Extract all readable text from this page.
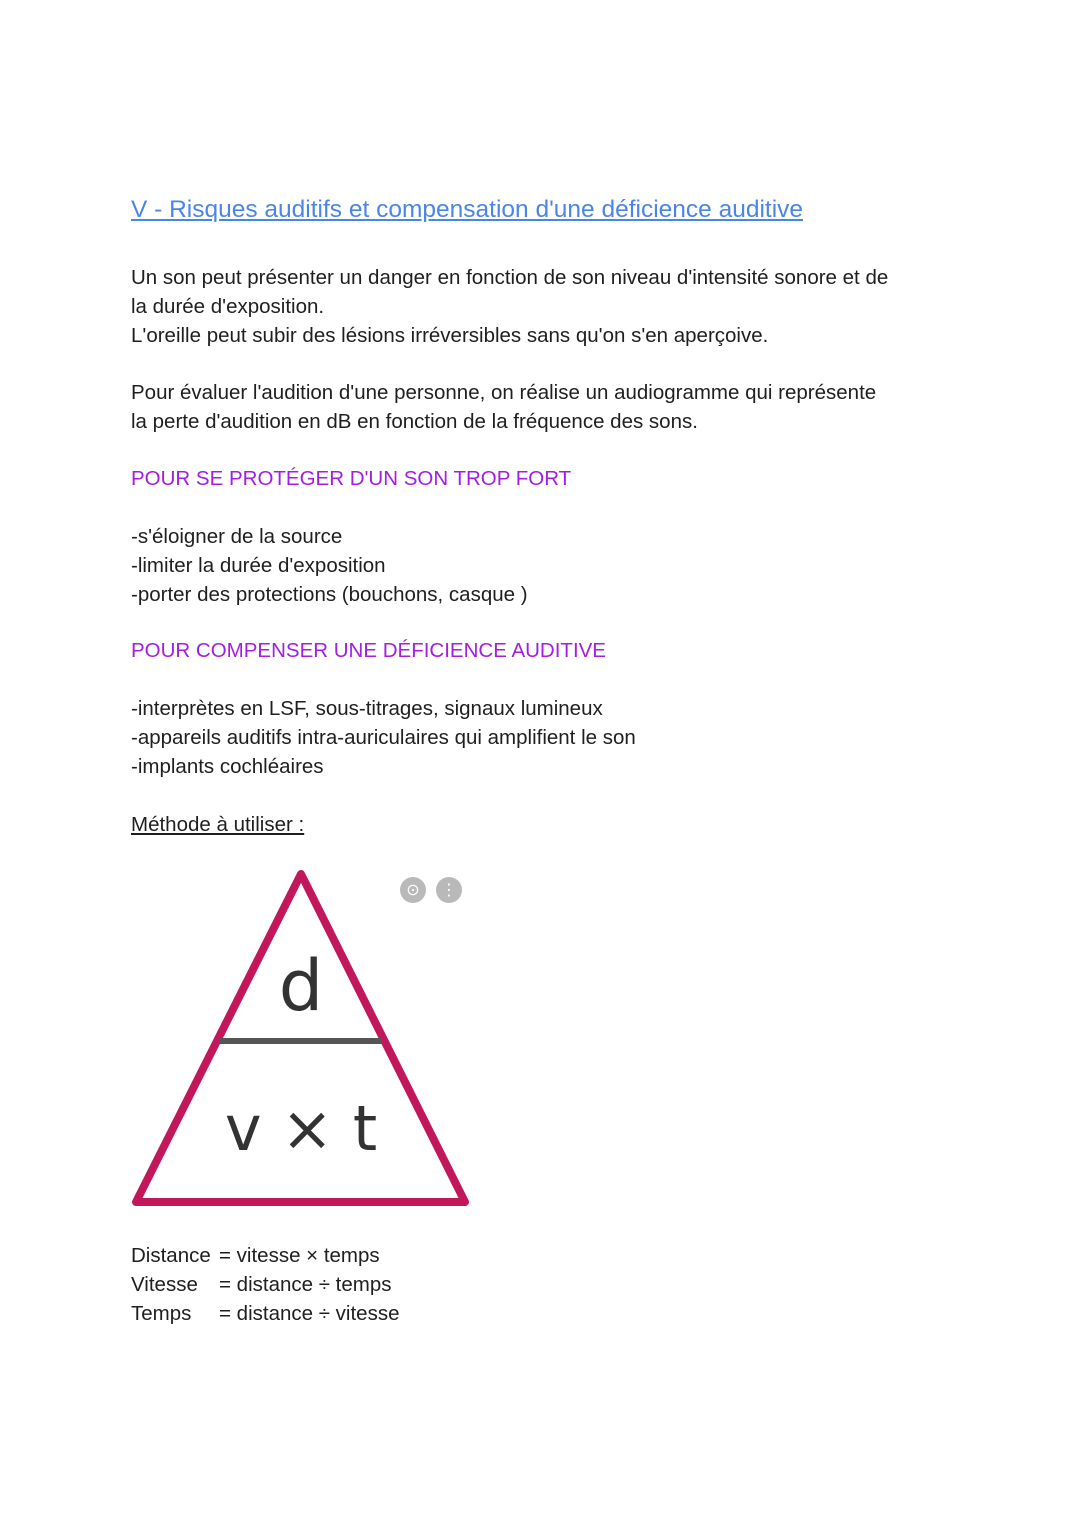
V - Risques auditifs et compensation d'une déficience auditive
Un son peut présenter un danger en fonction de son niveau d'intensité sonore et de
la durée d'exposition.
L'oreille peut subir des lésions irréversibles sans qu'on s'en aperçoive.
Pour évaluer l'audition d'une personne, on réalise un audiogramme qui représente
la perte d'audition en dB en fonction de la fréquence des sons.
POUR SE PROTÉGER D'UN SON TROP FORT
-s'éloigner de la source
-limiter la durée d'exposition
-porter des protections (bouchons, casque )
POUR COMPENSER UNE DÉFICIENCE AUDITIVE
-interprètes en LSF, sous-titrages, signaux lumineux
-appareils auditifs intra-auriculaires qui amplifient le son
-implants cochléaires
Méthode à utiliser :
Distance = vitesse × temps
Vitesse	= distance ÷ temps
Temps	= distance ÷ vitesse
d
v × t
⊙	⋮
